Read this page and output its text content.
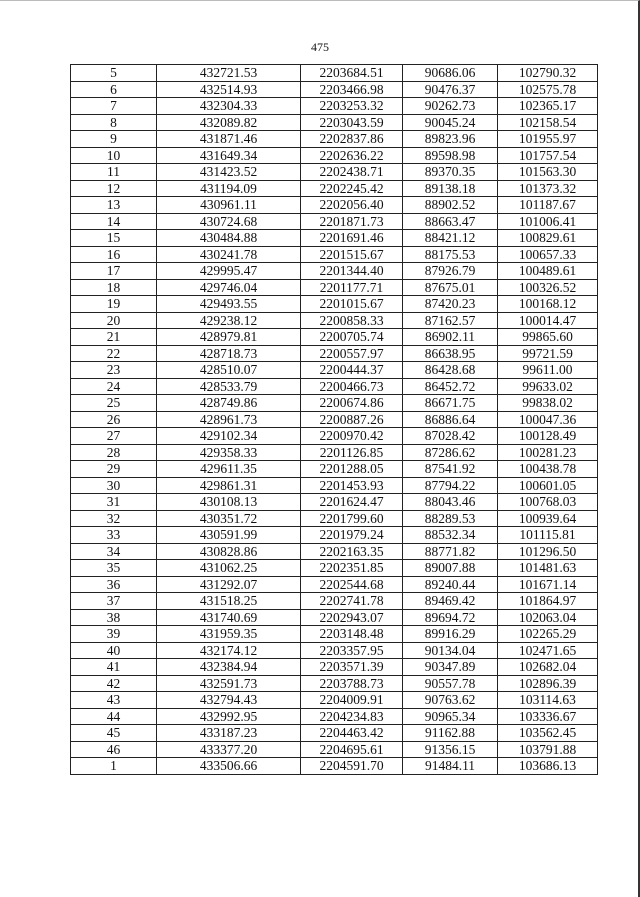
475
5	432721.53	2203684.51	90686.06	102790.32
6	432514.93	2203466.98	90476.37	102575.78
7	432304.33	2203253.32	90262.73	102365.17
8	432089.82	2203043.59	90045.24	102158.54
9	431871.46	2202837.86	89823.96	101955.97
10	431649.34	2202636.22	89598.98	101757.54
11	431423.52	2202438.71	89370.35	101563.30
12	431194.09	2202245.42	89138.18	101373.32
13	430961.11	2202056.40	88902.52	101187.67
14	430724.68	2201871.73	88663.47	101006.41
15	430484.88	2201691.46	88421.12	100829.61
16	430241.78	2201515.67	88175.53	100657.33
17	429995.47	2201344.40	87926.79	100489.61
18	429746.04	2201177.71	87675.01	100326.52
19	429493.55	2201015.67	87420.23	100168.12
20	429238.12	2200858.33	87162.57	100014.47
21	428979.81	2200705.74	86902.11	99865.60
22	428718.73	2200557.97	86638.95	99721.59
23	428510.07	2200444.37	86428.68	99611.00
24	428533.79	2200466.73	86452.72	99633.02
25	428749.86	2200674.86	86671.75	99838.02
26	428961.73	2200887.26	86886.64	100047.36
27	429102.34	2200970.42	87028.42	100128.49
28	429358.33	2201126.85	87286.62	100281.23
29	429611.35	2201288.05	87541.92	100438.78
30	429861.31	2201453.93	87794.22	100601.05
31	430108.13	2201624.47	88043.46	100768.03
32	430351.72	2201799.60	88289.53	100939.64
33	430591.99	2201979.24	88532.34	101115.81
34	430828.86	2202163.35	88771.82	101296.50
35	431062.25	2202351.85	89007.88	101481.63
36	431292.07	2202544.68	89240.44	101671.14
37	431518.25	2202741.78	89469.42	101864.97
38	431740.69	2202943.07	89694.72	102063.04
39	431959.35	2203148.48	89916.29	102265.29
40	432174.12	2203357.95	90134.04	102471.65
41	432384.94	2203571.39	90347.89	102682.04
42	432591.73	2203788.73	90557.78	102896.39
43	432794.43	2204009.91	90763.62	103114.63
44	432992.95	2204234.83	90965.34	103336.67
45	433187.23	2204463.42	91162.88	103562.45
46	433377.20	2204695.61	91356.15	103791.88
1	433506.66	2204591.70	91484.11	103686.13
